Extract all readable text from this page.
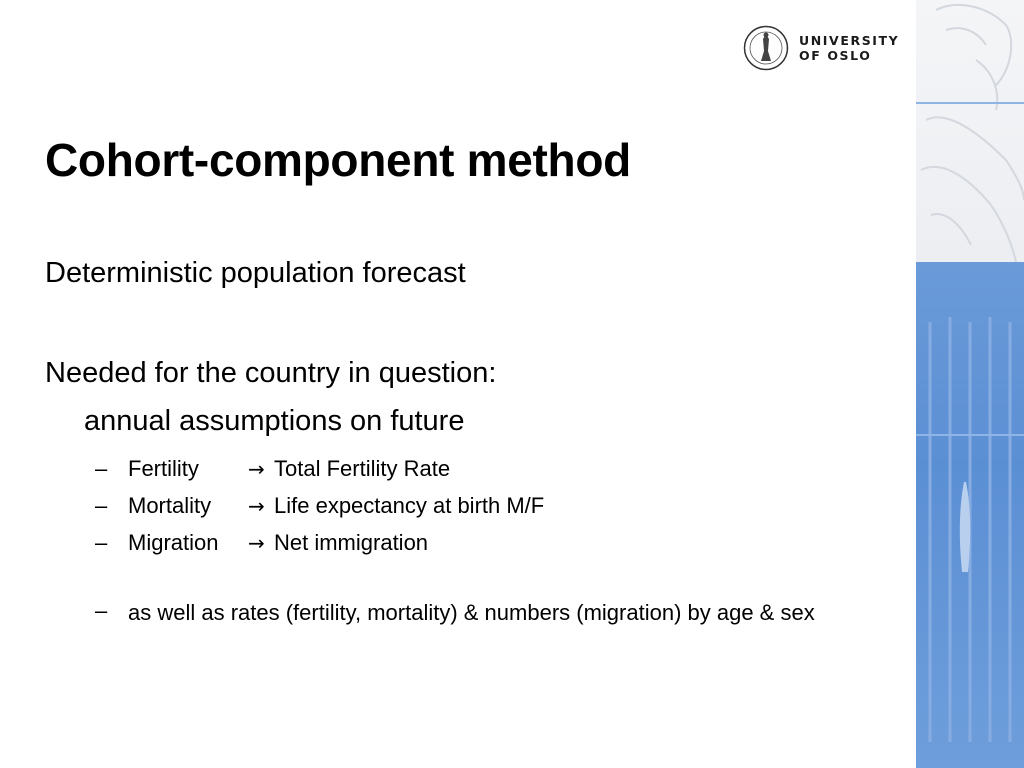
UNIVERSITY
OF OSLO
Cohort-component method
Deterministic population forecast
Needed for the country in question:
annual assumptions on future
– Fertility	→ Total Fertility Rate
– Mortality	→ Life expectancy at birth M/F
– Migration	→ Net immigration
– as well as rates (fertility, mortality) & numbers (migration) by age & sex
